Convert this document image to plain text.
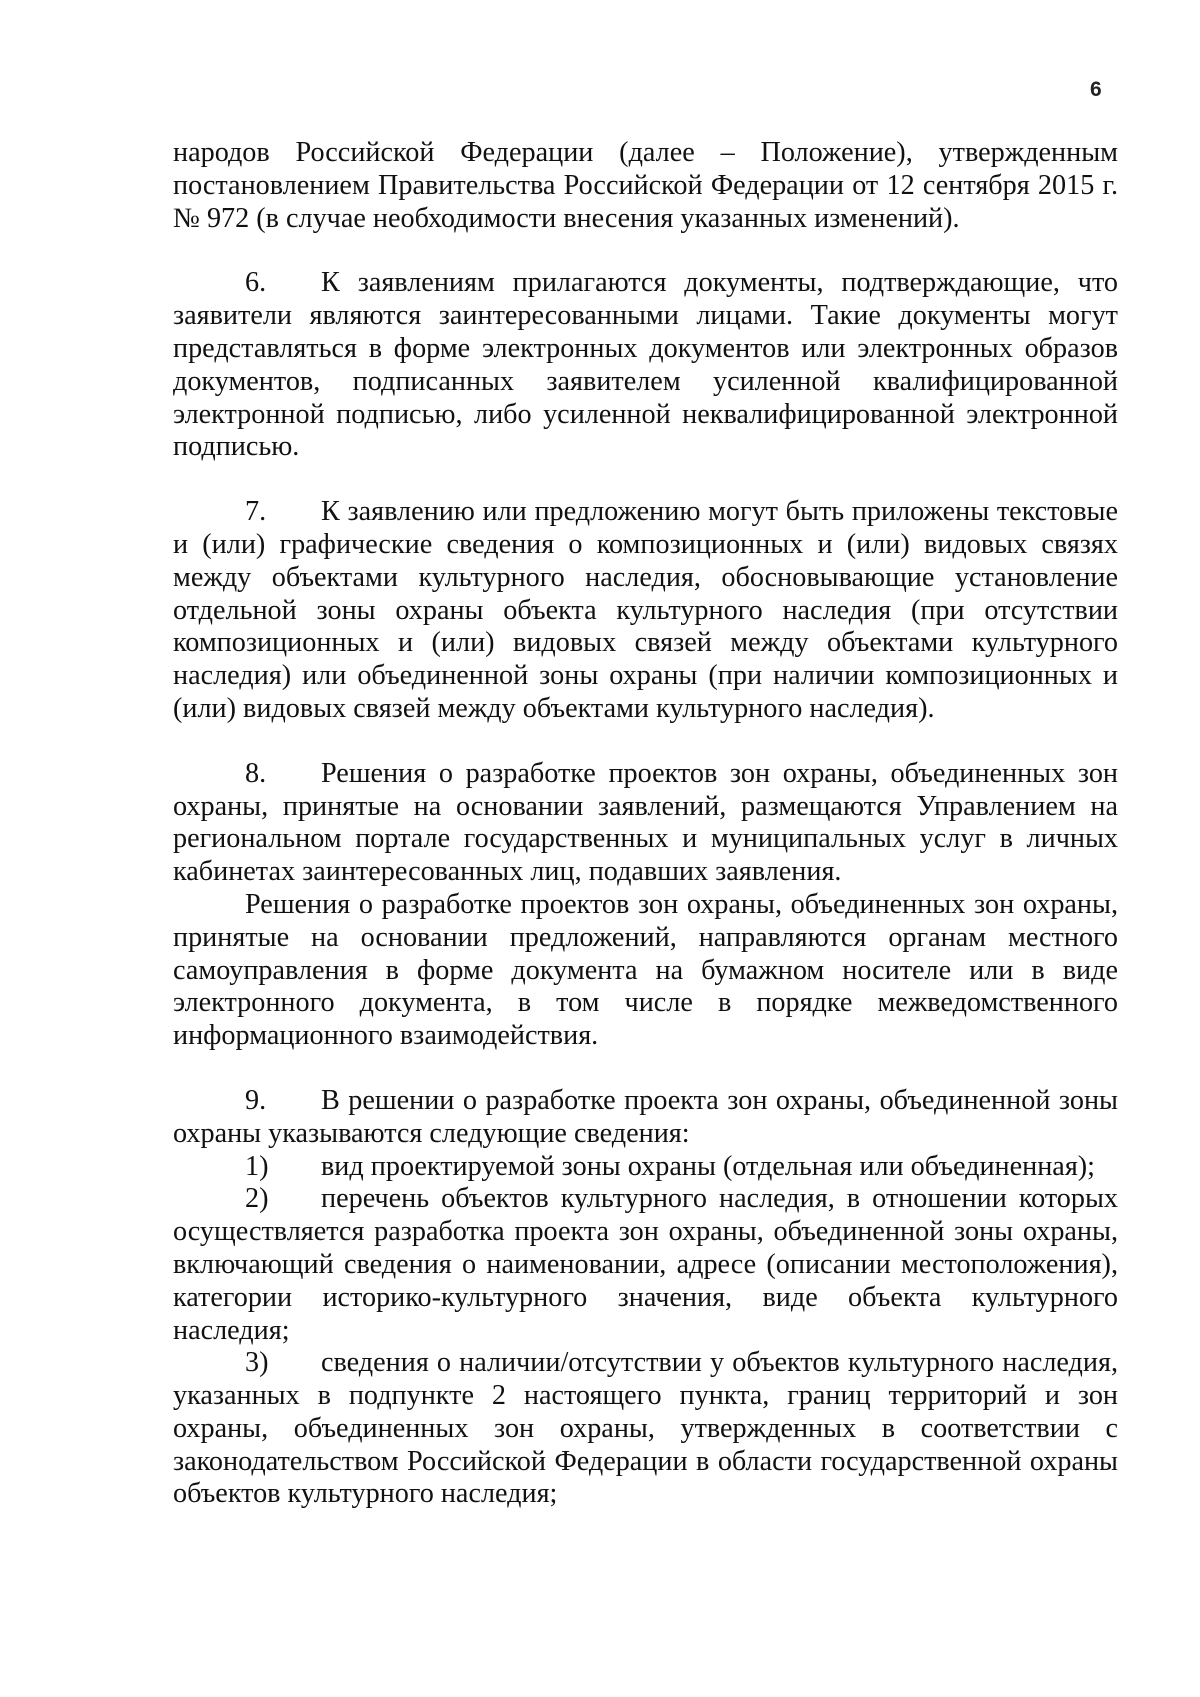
6

народов Российской Федерации (далее – Положение), утвержденным постановлением Правительства Российской Федерации от 12 сентября 2015 г. № 972 (в случае необходимости внесения указанных изменений).

6. К заявлениям прилагаются документы, подтверждающие, что заявители являются заинтересованными лицами. Такие документы могут представляться в форме электронных документов или электронных образов документов, подписанных заявителем усиленной квалифицированной электронной подписью, либо усиленной неквалифицированной электронной подписью.

7. К заявлению или предложению могут быть приложены текстовые и (или) графические сведения о композиционных и (или) видовых связях между объектами культурного наследия, обосновывающие установление отдельной зоны охраны объекта культурного наследия (при отсутствии композиционных и (или) видовых связей между объектами культурного наследия) или объединенной зоны охраны (при наличии композиционных и (или) видовых связей между объектами культурного наследия).

8. Решения о разработке проектов зон охраны, объединенных зон охраны, принятые на основании заявлений, размещаются Управлением на региональном портале государственных и муниципальных услуг в личных кабинетах заинтересованных лиц, подавших заявления.

Решения о разработке проектов зон охраны, объединенных зон охраны, принятые на основании предложений, направляются органам местного самоуправления в форме документа на бумажном носителе или в виде электронного документа, в том числе в порядке межведомственного информационного взаимодействия.

9. В решении о разработке проекта зон охраны, объединенной зоны охраны указываются следующие сведения:

1) вид проектируемой зоны охраны (отдельная или объединенная);

2) перечень объектов культурного наследия, в отношении которых осуществляется разработка проекта зон охраны, объединенной зоны охраны, включающий сведения о наименовании, адресе (описании местоположения), категории историко-культурного значения, виде объекта культурного наследия;

3) сведения о наличии/отсутствии у объектов культурного наследия, указанных в подпункте 2 настоящего пункта, границ территорий и зон охраны, объединенных зон охраны, утвержденных в соответствии с законодательством Российской Федерации в области государственной охраны объектов культурного наследия;
